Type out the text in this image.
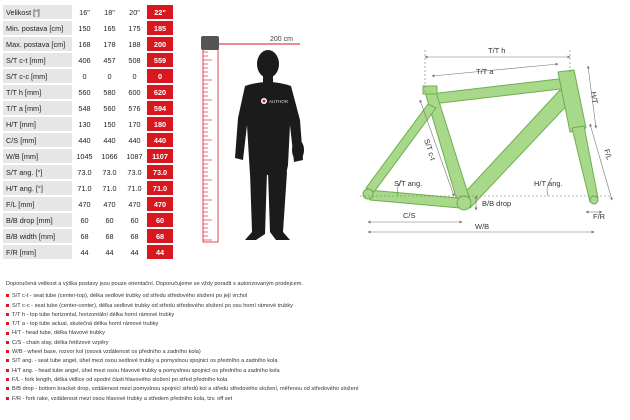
Velikost ["]	16"	18"	20"	22"
Min. postava [cm]	150	165	175	185
Max. postava [cm]	168	178	188	200
S/T c-t [mm]	406	457	508	559
S/T c-c [mm]	0	0	0	0
T/T h [mm]	560	580	600	620
T/T a [mm]	548	560	576	594
H/T [mm]	130	150	170	180
C/S [mm]	440	440	440	440
W/B [mm]	1045	1066	1087	1107
S/T ang. [°]	73.0	73.0	73.0	73.0
H/T ang. [°]	71.0	71.0	71.0	71.0
F/L [mm]	470	470	470	470
B/B drop [mm]	60	60	60	60
B/B width [mm]	68	68	68	68
F/R [mm]	44	44	44	44
200 cm
AUTHOR
T/T h
T/T a
H/T
F/L
S/T c-t
S/T ang.	H/T ang.
B/B drop
C/S	F/R
W/B
Doporučená velikost a výška postavy jsou pouze orientační. Doporučujeme se vždy poradit s autorizovaným prodejcem.
S/T c-t - seat tube (center-top), délka sedlové trubky od středu středového složení po její vrchol
S/T c-c - seat tube (center-center), délka sedlové trubky od středu středového složení po osu horní rámové trubky
T/T h - top tube horizontal, horizontální délka horní rámové trubky
T/T a - top tube actual, skutečná délka horní rámové trubky
H/T - head tube, délka hlavové trubky
C/S - chain stay, délka řetězové vzpěry
W/B - wheel base, rozvor kol (osová vzdálenost os předního a zadního kola)
S/T ang. - seat tube angel, úhel mezi osou sedlové trubky a pomyslnou spojnicí os předního a zadního kola
H/T ang. - head tube angel, úhel mezi osou hlavové trubky a pomyslnou spojnicí os předního a zadního kola
F/L - fork length, délka vidlice od spodní části hlavového složení po střed předního kola
B/B drop - bottom bracket drop, vzdálenost mezi pomyslnou spojnicí středů kol a středu středového složení, měřenou od středového složení
F/R - fork rake, vzdálenost mezi osou hlavové trubky a středem předního kola, tzv. off set
